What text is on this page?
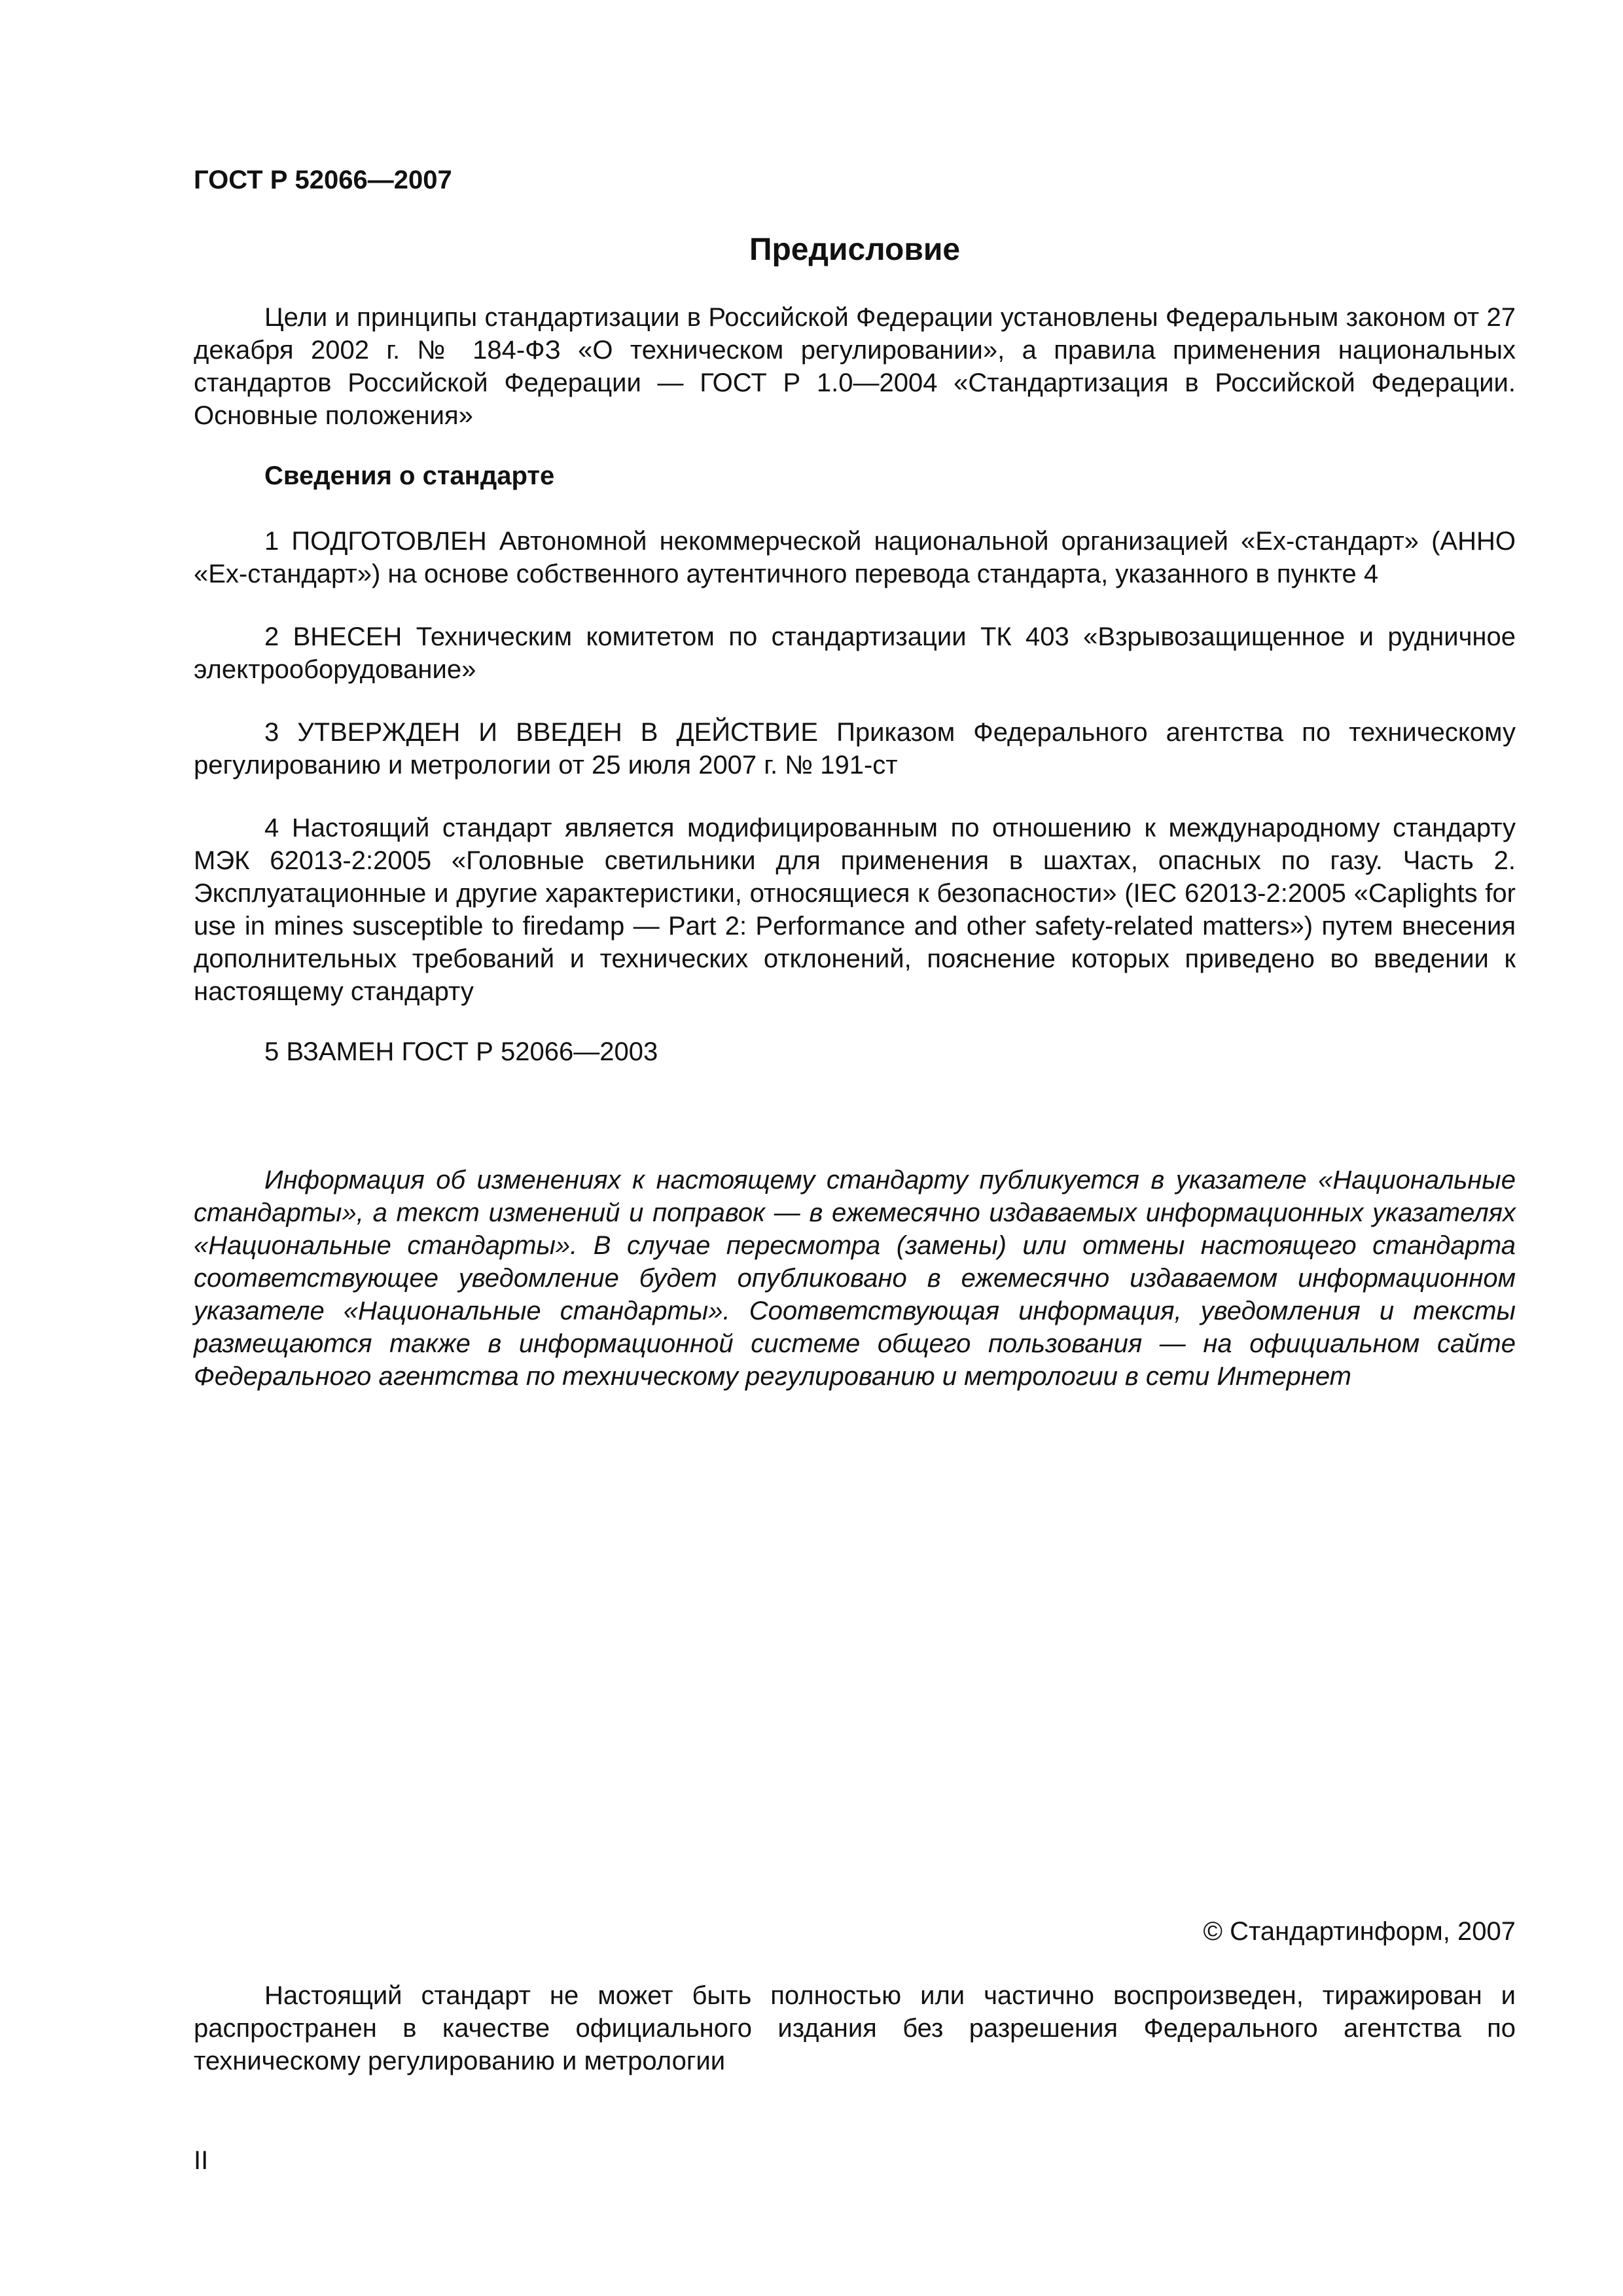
ГОСТ Р 52066—2007
Предисловие

Цели и принципы стандартизации в Российской Федерации установлены Федеральным законом от 27 декабря 2002 г. № 184-ФЗ «О техническом регулировании», а правила применения национальных стандартов Российской Федерации — ГОСТ Р 1.0—2004 «Стандартизация в Российской Федерации. Основные положения»

Сведения о стандарте

1 ПОДГОТОВЛЕН Автономной некоммерческой национальной организацией «Ех-стандарт» (АННО «Ех-стандарт») на основе собственного аутентичного перевода стандарта, указанного в пункте 4

2 ВНЕСЕН Техническим комитетом по стандартизации ТК 403 «Взрывозащищенное и рудничное электрооборудование»

3 УТВЕРЖДЕН И ВВЕДЕН В ДЕЙСТВИЕ Приказом Федерального агентства по техническому регулированию и метрологии от 25 июля 2007 г. № 191-ст

4 Настоящий стандарт является модифицированным по отношению к международному стандарту МЭК 62013-2:2005 «Головные светильники для применения в шахтах, опасных по газу. Часть 2. Эксплуатационные и другие характеристики, относящиеся к безопасности» (IEC 62013-2:2005 «Caplights for use in mines susceptible to firedamp — Part 2: Performance and other safety-related matters») путем внесения дополнительных требований и технических отклонений, пояснение которых приведено во введении к настоящему стандарту

5 ВЗАМЕН ГОСТ Р 52066—2003

Информация об изменениях к настоящему стандарту публикуется в указателе «Национальные стандарты», а текст изменений и поправок — в ежемесячно издаваемых информационных указателях «Национальные стандарты». В случае пересмотра (замены) или отмены настоящего стандарта соответствующее уведомление будет опубликовано в ежемесячно издаваемом информационном указателе «Национальные стандарты». Соответствующая информация, уведомления и тексты размещаются также в информационной системе общего пользования — на официальном сайте Федерального агентства по техническому регулированию и метрологии в сети Интернет

© Стандартинформ, 2007

Настоящий стандарт не может быть полностью или частично воспроизведен, тиражирован и распространен в качестве официального издания без разрешения Федерального агентства по техническому регулированию и метрологии

II
